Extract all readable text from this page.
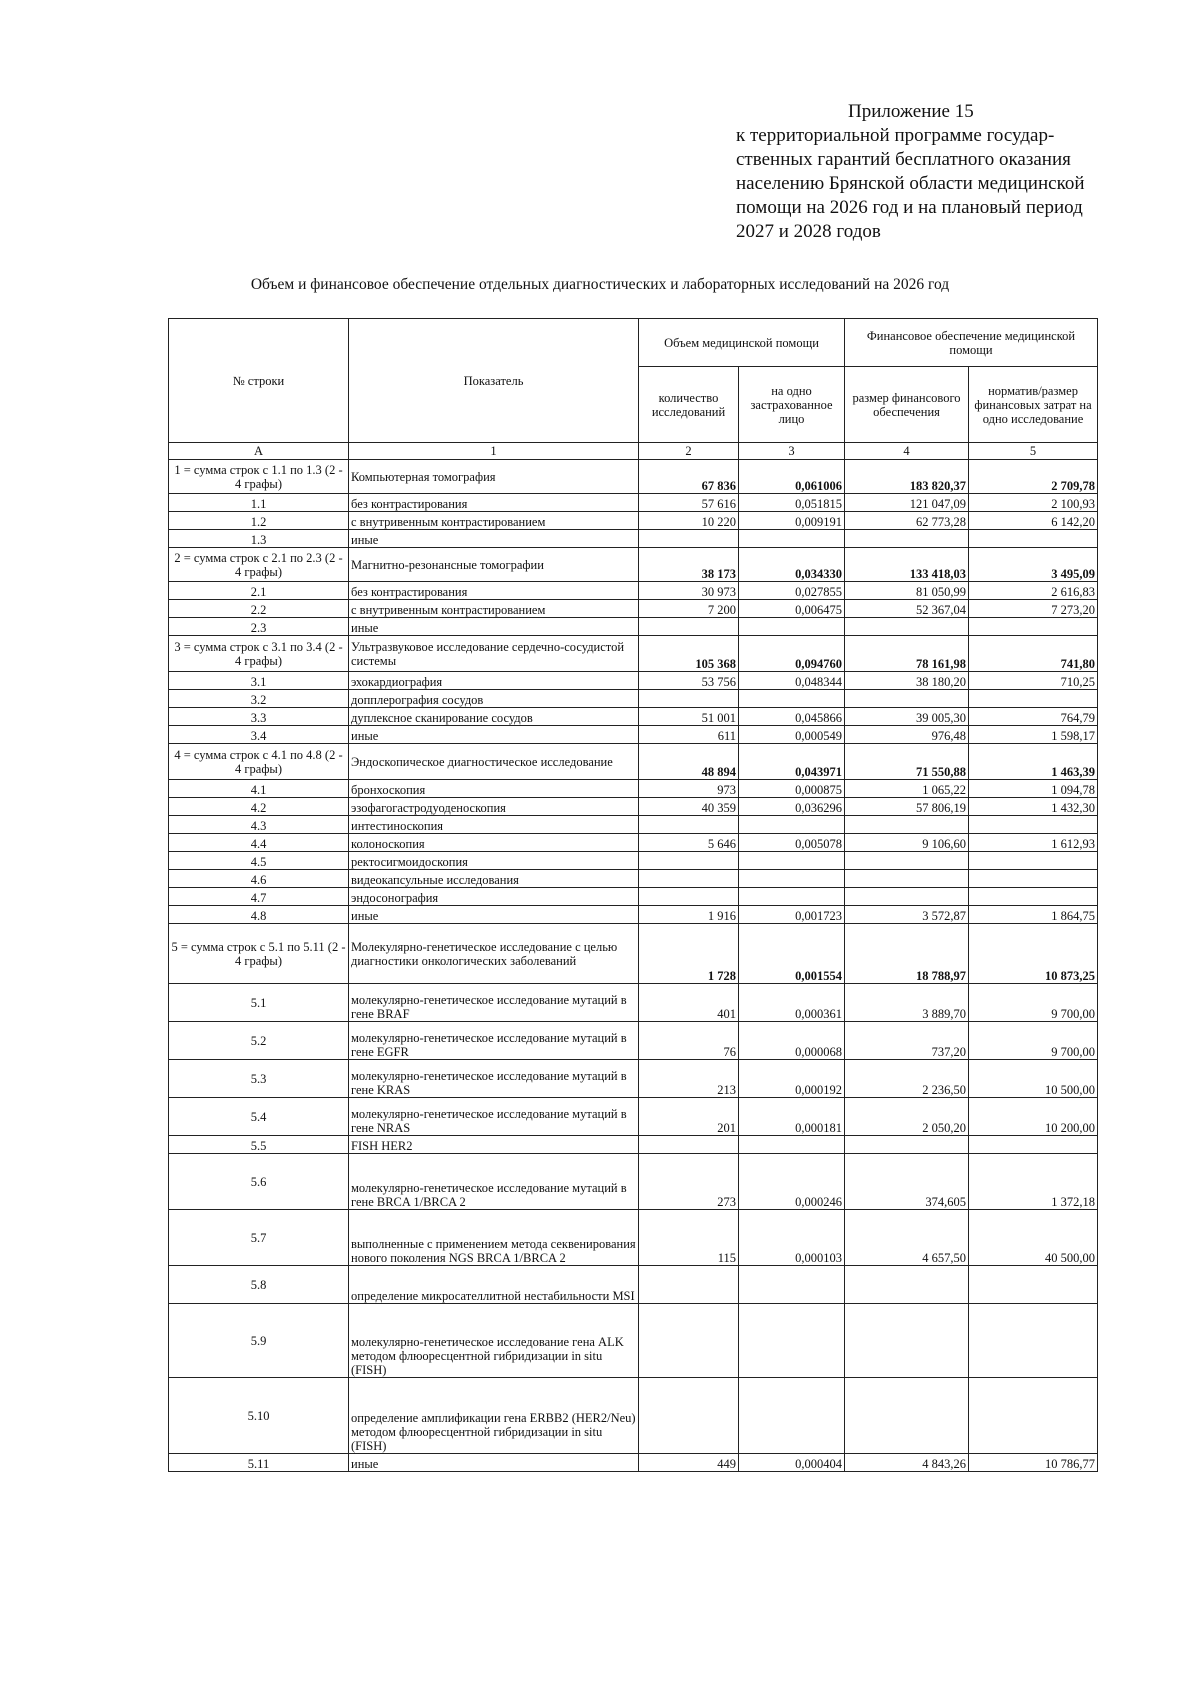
Приложение 15
к территориальной программе государ-
ственных гарантий бесплатного оказания
населению Брянской области медицинской
помощи на 2026 год и на плановый период
2027 и 2028 годов
Объем и финансовое обеспечение отдельных диагностических и лабораторных исследований на 2026 год
№ строки	Показатель	Объем медицинской помощи		Финансовое обеспечение медицинской помощи	
		количество исследований	на одно застрахованное лицо	размер финансового обеспечения	норматив/размер финансовых затрат на одно исследование
А	1	2	3	4	5
1 = сумма строк с 1.1 по 1.3 (2 - 4 графы)	Компьютерная томография	67 836	0,061006	183 820,37	2 709,78
1.1	без контрастирования	57 616	0,051815	121 047,09	2 100,93
1.2	с внутривенным контрастированием	10 220	0,009191	62 773,28	6 142,20
1.3	иные				
2 = сумма строк с 2.1 по 2.3 (2 - 4 графы)	Магнитно-резонансные томографии	38 173	0,034330	133 418,03	3 495,09
2.1	без контрастирования	30 973	0,027855	81 050,99	2 616,83
2.2	с внутривенным контрастированием	7 200	0,006475	52 367,04	7 273,20
2.3	иные				
3 = сумма строк с 3.1 по 3.4 (2 - 4 графы)	Ультразвуковое исследование сердечно-сосудистой системы	105 368	0,094760	78 161,98	741,80
3.1	эхокардиография	53 756	0,048344	38 180,20	710,25
3.2	допплерография сосудов				
3.3	дуплексное сканирование сосудов	51 001	0,045866	39 005,30	764,79
3.4	иные	611	0,000549	976,48	1 598,17
4 = сумма строк с 4.1 по 4.8 (2 - 4 графы)	Эндоскопическое диагностическое исследование	48 894	0,043971	71 550,88	1 463,39
4.1	бронхоскопия	973	0,000875	1 065,22	1 094,78
4.2	эзофагогастродуоденоскопия	40 359	0,036296	57 806,19	1 432,30
4.3	интестиноскопия				
4.4	колоноскопия	5 646	0,005078	9 106,60	1 612,93
4.5	ректосигмоидоскопия				
4.6	видеокапсульные исследования				
4.7	эндосонография				
4.8	иные	1 916	0,001723	3 572,87	1 864,75
5 = сумма строк с 5.1 по 5.11 (2 - 4 графы)	Молекулярно-генетическое исследование с целью диагностики онкологических заболеваний	1 728	0,001554	18 788,97	10 873,25
5.1	молекулярно-генетическое исследование мутаций в гене BRAF	401	0,000361	3 889,70	9 700,00
5.2	молекулярно-генетическое исследование мутаций в гене EGFR	76	0,000068	737,20	9 700,00
5.3	молекулярно-генетическое исследование мутаций в гене KRAS	213	0,000192	2 236,50	10 500,00
5.4	молекулярно-генетическое исследование мутаций в гене NRAS	201	0,000181	2 050,20	10 200,00
5.5	FISH HER2				
5.6	молекулярно-генетическое исследование мутаций в гене BRCA 1/BRCA 2	273	0,000246	374,605	1 372,18
5.7	выполненные с применением метода секвенирования нового поколения NGS BRCA 1/BRCA 2	115	0,000103	4 657,50	40 500,00
5.8	определение микросателлитной нестабильности MSI				
5.9	молекулярно-генетическое исследование гена ALK методом флюоресцентной гибридизации in situ (FISH)				
5.10	определение амплификации гена ERBB2 (HER2/Neu) методом флюоресцентной гибридизации in situ (FISH)				
5.11	иные	449	0,000404	4 843,26	10 786,77
